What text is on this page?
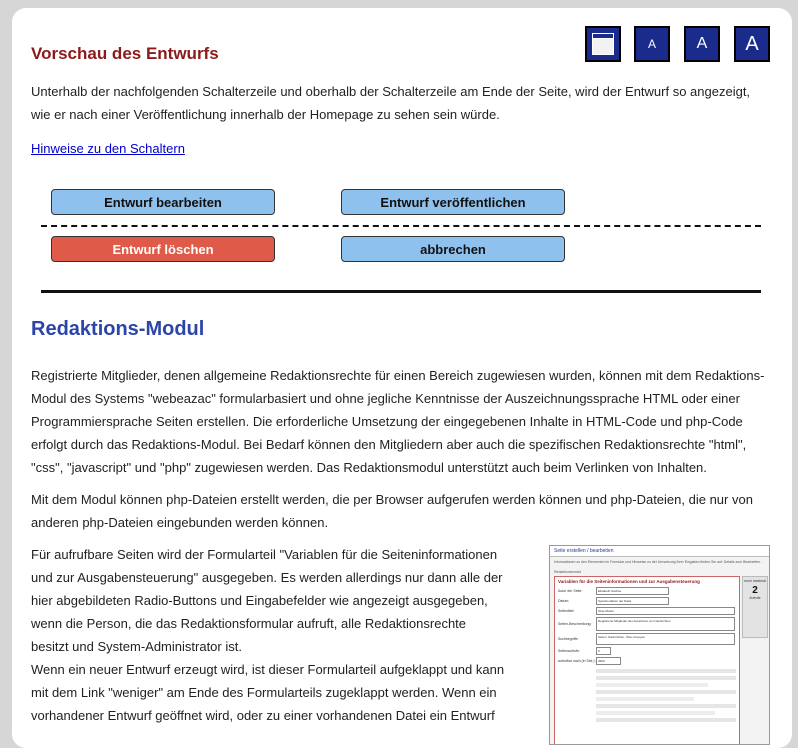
Vorschau des Entwurfs	A	A A
Unterhalb der nachfolgenden Schalterzeile und oberhalb der Schalterzeile am Ende der Seite, wird der Entwurf so angezeigt, wie er nach einer Veröffentlichung innerhalb der Homepage zu sehen sein würde.
Hinweise zu den Schaltern
Entwurf bearbeiten	Entwurf veröffentlichen
Entwurf löschen	abbrechen
Redaktions-Modul
Registrierte Mitglieder, denen allgemeine Redaktionsrechte für einen Bereich zugewiesen wurden, können mit dem Redaktions-Modul des Systems "webeazac" formularbasiert und ohne jegliche Kenntnisse der Auszeichnungssprache HTML oder einer Programmiersprache Seiten erstellen. Die erforderliche Umsetzung der eingegebenen Inhalte in HTML-Code und php-Code erfolgt durch das Redaktions-Modul. Bei Bedarf können den Mitgliedern aber auch die spezifischen Redaktionsrechte "html", "css", "javascript" und "php" zugewiesen werden. Das Redaktionsmodul unterstützt auch beim Verlinken von Inhalten.
Mit dem Modul können php-Dateien erstellt werden, die per Browser aufgerufen werden können und php-Dateien, die nur von anderen php-Dateien eingebunden werden können.
Für aufrufbare Seiten wird der Formularteil "Variablen für die Seiteninformationen und zur Ausgabensteuerung" ausgegeben. Es werden allerdings nur dann alle der hier abgebildeten Radio-Buttons und Eingabefelder wie angezeigt ausgegeben, wenn die Person, die das Redaktionsformular aufruft, alle Redaktionsrechte besitzt und System-Administrator ist.
Wenn ein neuer Entwurf erzeugt wird, ist dieser Formularteil aufgeklappt und kann mit dem Link "weniger" am Ende des Formularteils zugeklappt werden. Wenn ein vorhandener Entwurf geöffnet wird, oder zu einer vorhandenen Datei ein Entwurf
Seite erstellen / bearbeiten
Informationen zu den Elementen im Formular und Hinweise zu der Umsetzung Ihrer Eingaben finden Sie auf: Details zum Bearbeiten - Redaktionsmodul
Variablen für die Seiteninformationen und zur Ausgabensteuerung
Autor der Seite:	Elisabeth Sachse
Datum:	Speicherdatum der Datei
Seitentitel:	Über-Modul
Seiten-Beschreibung:
Registrierte Mitglieder des Ausschuss von Nachrichten
Suchbegriffe:	Seiten, Nachrichten, Über-Gruppen
Seitenaufrufe:	0
aufrufbar nach (in Sek.): 3600
noch maximal
2
Aufrufe
